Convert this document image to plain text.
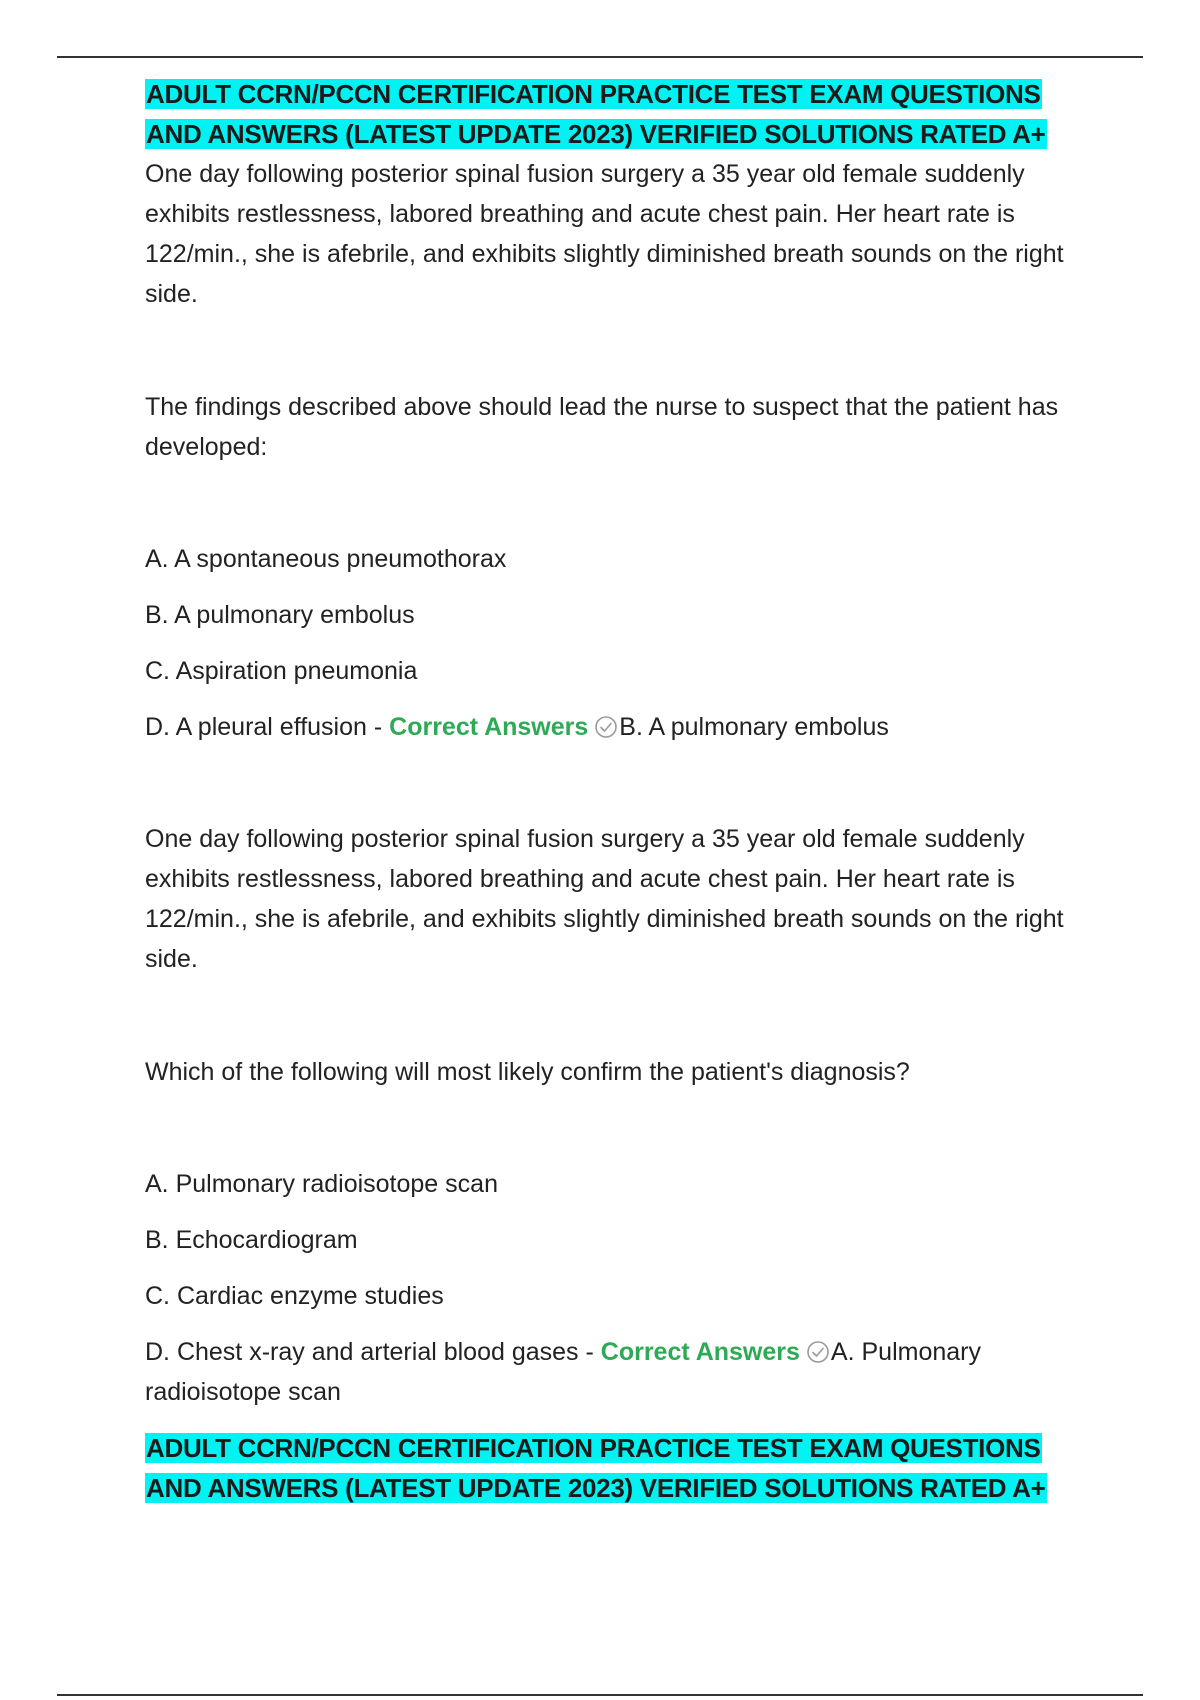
ADULT CCRN/PCCN CERTIFICATION PRACTICE TEST EXAM QUESTIONS AND ANSWERS (LATEST UPDATE 2023) VERIFIED SOLUTIONS RATED A+

One day following posterior spinal fusion surgery a 35 year old female suddenly exhibits restlessness, labored breathing and acute chest pain. Her heart rate is 122/min., she is afebrile, and exhibits slightly diminished breath sounds on the right side.

The findings described above should lead the nurse to suspect that the patient has developed:

A. A spontaneous pneumothorax

B. A pulmonary embolus

C. Aspiration pneumonia

D. A pleural effusion - Correct Answers B. A pulmonary embolus

One day following posterior spinal fusion surgery a 35 year old female suddenly exhibits restlessness, labored breathing and acute chest pain. Her heart rate is 122/min., she is afebrile, and exhibits slightly diminished breath sounds on the right side.

Which of the following will most likely confirm the patient's diagnosis?

A. Pulmonary radioisotope scan

B. Echocardiogram

C. Cardiac enzyme studies

D. Chest x-ray and arterial blood gases - Correct Answers A. Pulmonary radioisotope scan

ADULT CCRN/PCCN CERTIFICATION PRACTICE TEST EXAM QUESTIONS AND ANSWERS (LATEST UPDATE 2023) VERIFIED SOLUTIONS RATED A+
